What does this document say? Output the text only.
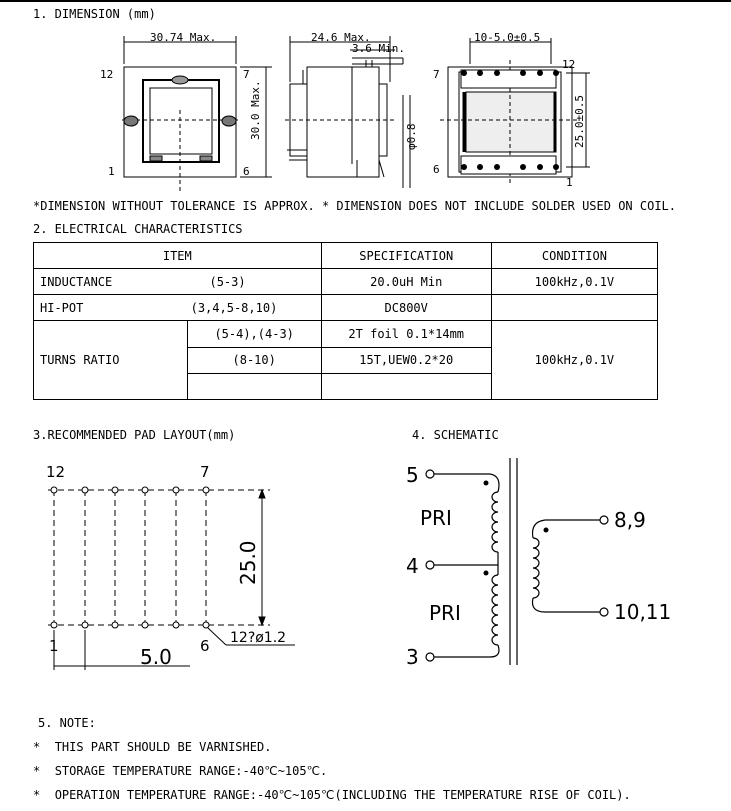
1. DIMENSION (mm)
30.74 Max.
30.0 Max.
12	7
1	6
24.6 Max.
3.6 Min.
φ0.8
10-5.0±0.5
25.0±0.5
7
12
6
1
*DIMENSION WITHOUT TOLERANCE IS APPROX. * DIMENSION DOES NOT INCLUDE SOLDER USED ON COIL.
2. ELECTRICAL CHARACTERISTICS
ITEM		SPECIFICATION	CONDITION
INDUCTANCE (5-3)		20.0uH Min	100kHz,0.1V
HI-POT (3,4,5-8,10)		DC800V	
TURNS RATIO	(5-4),(4-3)	2T foil 0.1*14mm	100kHz,0.1V
	(8-10)	15T,UEW0.2*20	

3.RECOMMENDED PAD LAYOUT(mm)
12	7
1	6
25.0
5.0
12?ø1.2
4. SCHEMATIC
5
4
3
PRI
PRI
8,9
10,11
5. NOTE:
*  THIS PART SHOULD BE VARNISHED.
*  STORAGE TEMPERATURE RANGE:-40℃~105℃.
*  OPERATION TEMPERATURE RANGE:-40℃~105℃(INCLUDING THE TEMPERATURE RISE OF COIL).
